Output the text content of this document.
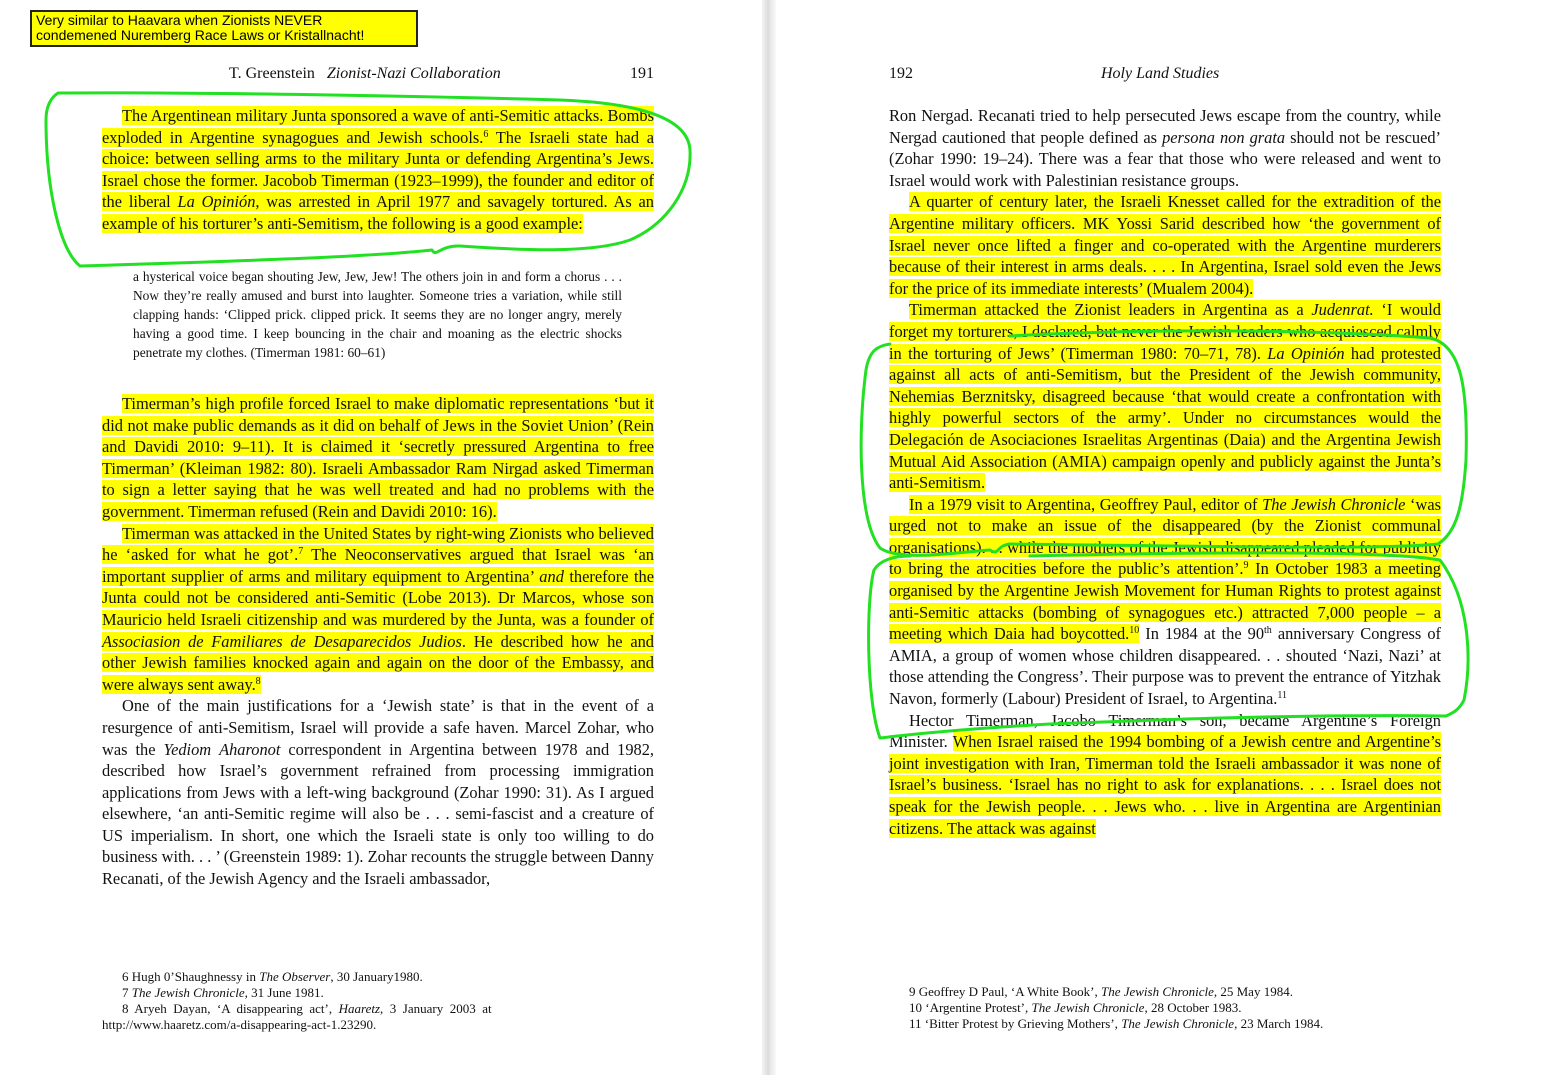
T. Greenstein Zionist-Nazi Collaboration	191

The Argentinean military Junta sponsored a wave of anti-Semitic attacks. Bombs exploded in Argentine synagogues and Jewish schools.$^6$ The Israeli state had a choice: between selling arms to the military Junta or defending Argentina’s Jews. Israel chose the former. Jacobob Timerman (1923–1999), the founder and editor of the liberal La Opinión, was arrested in April 1977 and savagely tortured. As an example of his torturer’s anti-Semitism, the following is a good example:

a hysterical voice began shouting Jew, Jew, Jew! The others join in and form a chorus . . . Now they’re really amused and burst into laughter. Someone tries a variation, while still clapping hands: ‘Clipped prick. clipped prick. It seems they are no longer angry, merely having a good time. I keep bouncing in the chair and moaning as the electric shocks penetrate my clothes. (Timerman 1981: 60–61)

Timerman’s high profile forced Israel to make diplomatic representations ‘but it did not make public demands as it did on behalf of Jews in the Soviet Union’ (Rein and Davidi 2010: 9–11). It is claimed it ‘secretly pressured Argentina to free Timerman’ (Kleiman 1982: 80). Israeli Ambassador Ram Nirgad asked Timerman to sign a letter saying that he was well treated and had no problems with the government. Timerman refused (Rein and Davidi 2010: 16).

Timerman was attacked in the United States by right-wing Zionists who believed he ‘asked for what he got’.$^7$ The Neoconservatives argued that Israel was ‘an important supplier of arms and military equipment to Argentina’ and therefore the Junta could not be considered anti-Semitic (Lobe 2013). Dr Marcos, whose son Mauricio held Israeli citizenship and was murdered by the Junta, was a founder of Associasion de Familiares de Desaparecidos Judios. He described how he and other Jewish families knocked again and again on the door of the Embassy, and were always sent away.$^8$

One of the main justifications for a ‘Jewish state’ is that in the event of a resurgence of anti-Semitism, Israel will provide a safe haven. Marcel Zohar, who was the Yedioт Aharonot correspondent in Argentina between 1978 and 1982, described how Israel’s government refrained from processing immigration applications from Jews with a left-wing background (Zohar 1990: 31). As I argued elsewhere, ‘an anti-Semitic regime will also be . . . semi-fascist and a creature of US imperialism. In short, one which the Israeli state is only too willing to do business with. . . ’ (Greenstein 1989: 1). Zohar recounts the struggle between Danny Recanati, of the Jewish Agency and the Israeli ambassador,

6 Hugh 0’Shaughnessy in The Observer, 30 January1980.
7 The Jewish Chronicle, 31 June 1981.
8  Aryeh  Dayan,  ‘A  disappearing  act’,  Haaretz,  3  January  2003  at
http://www.haaretz.com/a-disappearing-act-1.23290.
192	Holy Land Studies

Ron Nergad. Recanati tried to help persecuted Jews escape from the country, while Nergad cautioned that people defined as persona non grata should not be rescued’ (Zohar 1990: 19–24). There was a fear that those who were released and went to Israel would work with Palestinian resistance groups.

A quarter of century later, the Israeli Knesset called for the extradition of the Argentine military officers. MK Yossi Sarid described how ‘the government of Israel never once lifted a finger and co-operated with the Argentine murderers because of their interest in arms deals. . . . In Argentina, Israel sold even the Jews for the price of its immediate interests’ (Mualem 2004).

Timerman attacked the Zionist leaders in Argentina as a Judenrat. ‘I would forget my torturers, I declared, but never the Jewish leaders who acquiesced calmly in the torturing of Jews’ (Timerman 1980: 70–71, 78). La Opinión had protested against all acts of anti-Semitism, but the President of the Jewish community, Nehemias Berznitsky, disagreed because ‘that would create a confrontation with highly powerful sectors of the army’. Under no circumstances would the Delegación de Asociaciones Israelitas Argentinas (Daia) and the Argentina Jewish Mutual Aid Association (AMIA) campaign openly and publicly against the Junta’s anti-Semitism.

In a 1979 visit to Argentina, Geoffrey Paul, editor of The Jewish Chronicle ‘was urged not to make an issue of the disappeared (by the Zionist communal organisations). . . while the mothers of the Jewish disappeared pleaded for publicity to bring the atrocities before the public’s attention’.$^9$ In October 1983 a meeting organised by the Argentine Jewish Movement for Human Rights to protest against anti-Semitic attacks (bombing of synagogues etc.) attracted 7,000 people – a meeting which Daia had boycotted.$^{10}$ In 1984 at the 90th anniversary Congress of AMIA, a group of women whose children disappeared. . . shouted ‘Nazi, Nazi’ at those attending the Congress’. Their purpose was to prevent the entrance of Yitzhak Navon, formerly (Labour) President of Israel, to Argentina.$^{11}$

Hector Timerman, Jacobo Timerman’s son, became Argentine’s Foreign Minister. When Israel raised the 1994 bombing of a Jewish centre and Argentine’s joint investigation with Iran, Timerman told the Israeli ambassador it was none of Israel’s business. ‘Israel has no right to ask for explanations. . . . Israel does not speak for the Jewish people. . . Jews who. . . live in Argentina are Argentinian citizens. The attack was against

9 Geoffrey D Paul, ‘A White Book’, The Jewish Chronicle, 25 May 1984.
10 ‘Argentine Protest’, The Jewish Chronicle, 28 October 1983.
11 ‘Bitter Protest by Grieving Mothers’, The Jewish Chronicle, 23 March 1984.
Very similar to Haavara when Zionists NEVER
condemened Nuremberg Race Laws or Kristallnacht!
